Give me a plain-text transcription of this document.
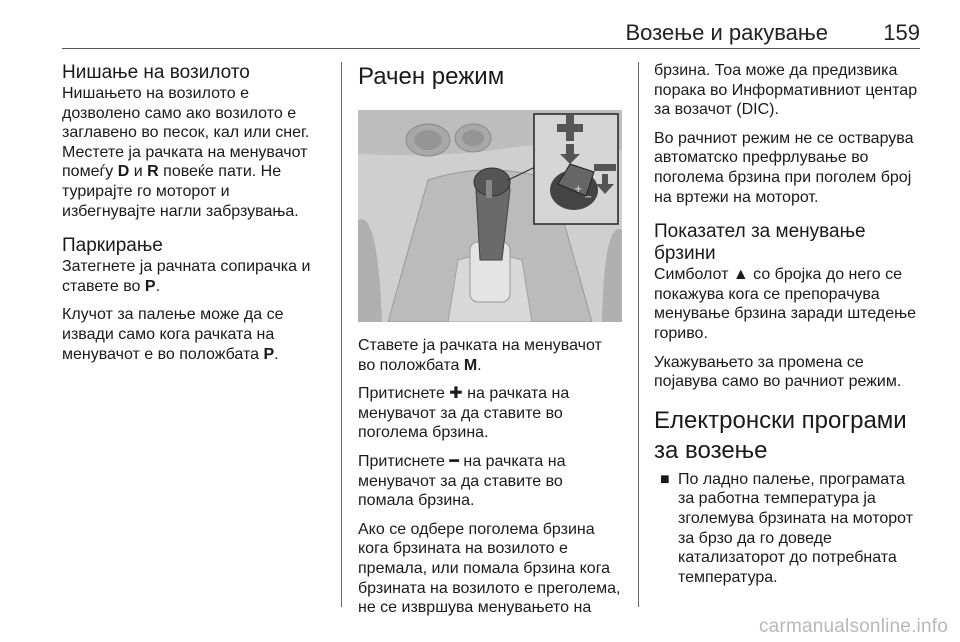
Возење и ракување	159
Нишање на возилото

Нишањето на возилото е дозволено само ако возилото е заглавено во песок, кал или снег. Местете ја рачката на менувачот помеѓу D и R повеќе пати. Не турирајте го моторот и избегнувајте нагли забрзувања.

Паркирање

Затегнете ја рачната сопирачка и ставете во P.

Клучот за палење може да се извади само кога рачката на менувачот е во положбата P.

Рачен режим
+
−

Ставете ја рачката на менувачот во положбата M.

Притиснете ✚ на рачката на менувачот за да ставите во поголема брзина.

Притиснете ━ на рачката на менувачот за да ставите во помала брзина.

Ако се одбере поголема брзина кога брзината на возилото е премала, или помала брзина кога брзината на возилото е преголема, не се извршува менувањето на

брзина. Тоа може да предизвика порака во Информативниот центар за возачот (DIC).

Во рачниот режим не се остварува автоматско префрлување во поголема брзина при поголем број на вртежи на моторот.

Показател за менување брзини

Симболот ▲ со бројка до него се покажува кога се препорачува менување брзина заради штедење гориво.

Укажувањето за промена се појавува само во рачниот режим.

Електронски програми за возење
■ По ладно палење, програмата за работна температура ја зголемува брзината на моторот за брзо да го доведе катализаторот до потребната температура.
carmanualsonline.info
